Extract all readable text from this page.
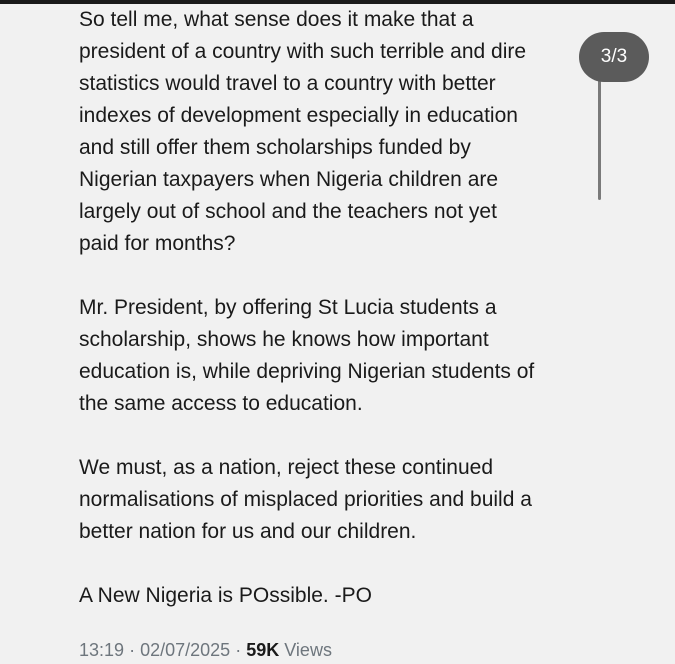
So tell me, what sense does it make that a
president of a country with such terrible and dire
statistics would travel to a country with better
indexes of development especially in education
and still offer them scholarships funded by
Nigerian taxpayers when Nigeria children are
largely out of school and the teachers not yet
paid for months?

Mr. President, by offering St Lucia students a
scholarship, shows he knows how important
education is, while depriving Nigerian students of
the same access to education.

We must, as a nation, reject these continued
normalisations of misplaced priorities and build a
better nation for us and our children.

A New Nigeria is POssible. -PO

13:19 · 02/07/2025 · 59K Views
3/3
